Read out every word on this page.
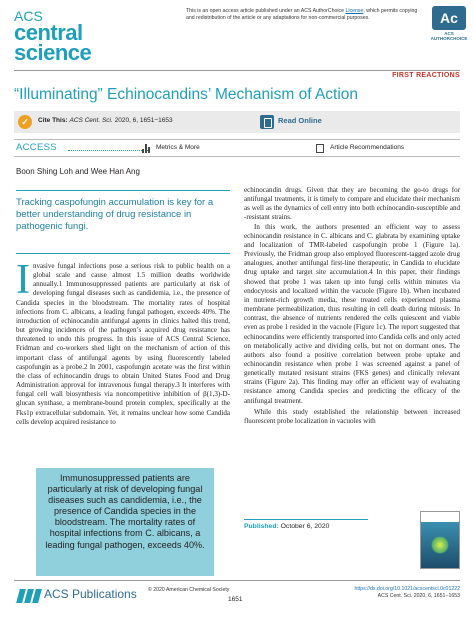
ACS
central
science
This is an open access article published under an ACS AuthorChoice License, which permits copying and redistribution of the article or any adaptations for non-commercial purposes.	Ac
ACS AUTHORCHOICE
FIRST REACTIONS
“Illuminating” Echinocandins’ Mechanism of Action
✓	Cite This: ACS Cent. Sci. 2020, 6, 1651−1653	Read Online
ACCESS	Metrics & More	Article Recommendations
Boon Shing Loh and Wee Han Ang
Tracking caspofungin accumulation is key for a better understanding of drug resistance in pathogenic fungi.
Invasive fungal infections pose a serious risk to public health on a global scale and cause almost 1.5 million deaths worldwide annually.1 Immunosuppressed patients are particularly at risk of developing fungal diseases such as candidemia, i.e., the presence of Candida species in the bloodstream. The mortality rates of hospital infections from C. albicans, a leading fungal pathogen, exceeds 40%. The introduction of echinocandin antifungal agents in clinics halted this trend, but growing incidences of the pathogen’s acquired drug resistance has threatened to undo this progress. In this issue of ACS Central Science, Fridman and co-workers shed light on the mechanism of action of this important class of antifungal agents by using fluorescently labeled caspofungin as a probe.2 In 2001, caspofungin acetate was the first within the class of echinocandin drugs to obtain United States Food and Drug Administration approval for intravenous fungal therapy.3 It interferes with fungal cell wall biosynthesis via noncompetitive inhibition of β(1,3)-D-glucan synthase, a membrane-bound protein complex, specifically at the Fks1p extracellular subdomain. Yet, it remains unclear how some Candida cells develop acquired resistance to
Immunosuppressed patients are particularly at risk of developing fungal diseases such as candidemia, i.e., the presence of Candida species in the bloodstream. The mortality rates of hospital infections from C. albicans, a leading fungal pathogen, exceeds 40%.

echinocandin drugs. Given that they are becoming the go-to drugs for antifungal treatments, it is timely to compare and elucidate their mechanism as well as the dynamics of cell entry into both echinocandin-susceptible and -resistant strains.

In this work, the authors presented an efficient way to assess echinocandin resistance in C. albicans and C. glabrata by examining uptake and localization of TMR-labeled caspofungin probe 1 (Figure 1a). Previously, the Fridman group also employed fluorescent-tagged azole drug analogues, another antifungal first-line therapeutic, in Candida to elucidate drug uptake and target site accumulation.4 In this paper, their findings showed that probe 1 was taken up into fungi cells within minutes via endocytosis and localized within the vacuole (Figure 1b). When incubated in nutrient-rich growth media, these treated cells experienced plasma membrane permeabilization, thus resulting in cell death during mitosis. In contrast, the absence of nutrients rendered the cells quiescent and viable even as probe 1 resided in the vacuole (Figure 1c). The report suggested that echinocandins were efficiently transported into Candida cells and only acted on metabolically active and dividing cells, but not on dormant ones. The authors also found a positive correlation between probe uptake and echinocandin resistance when probe 1 was screened against a panel of genetically mutated resistant strains (FKS genes) and clinically relevant strains (Figure 2a). This finding may offer an efficient way of evaluating resistance among Candida species and predicting the efficacy of the antifungal treatment.

While this study established the relationship between increased fluorescent probe localization in vacuoles with

Published: October 6, 2020
ACS Publications © 2020 American Chemical Society
1651
https://dx.doi.org/10.1021/acscentsci.0c01222
ACS Cent. Sci. 2020, 6, 1651−1653
